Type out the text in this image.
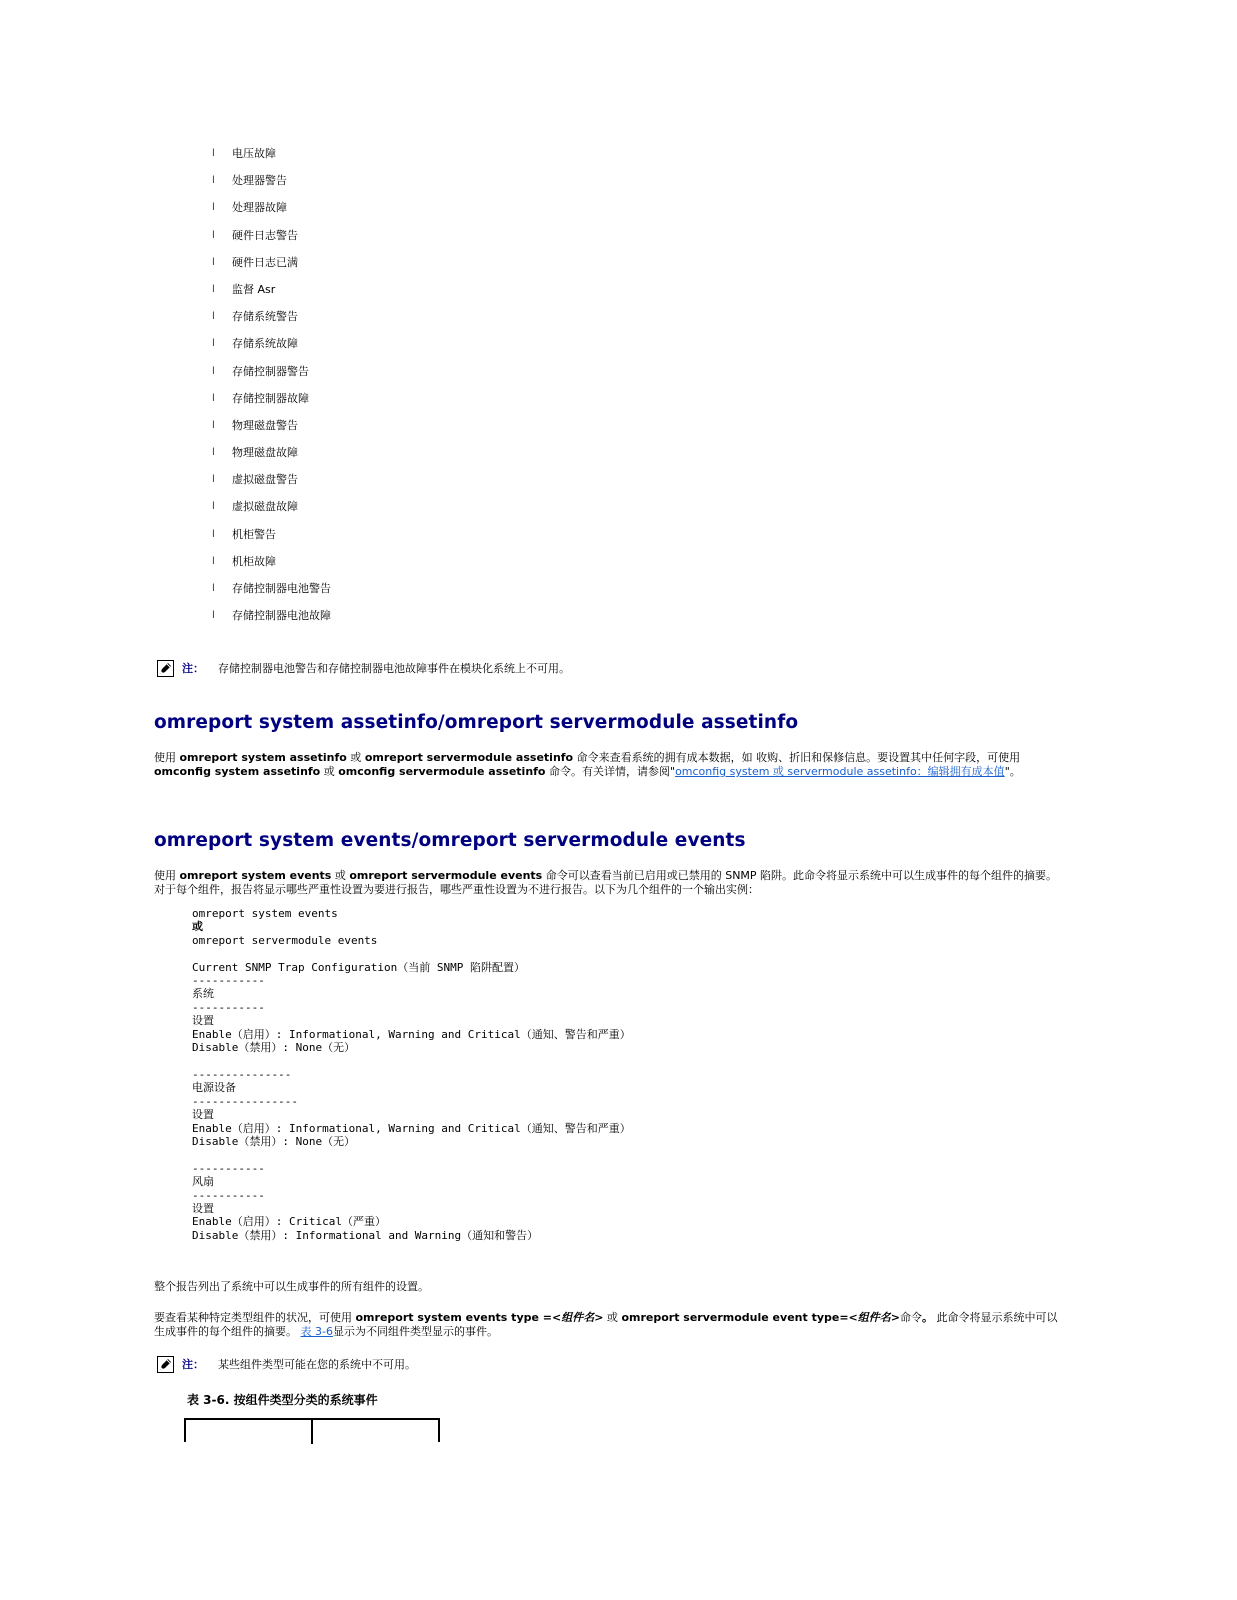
l 电压故障
l 处理器警告
l 处理器故障
l 硬件日志警告
l 硬件日志已满
l 监督 Asr
l 存储系统警告
l 存储系统故障
l 存储控制器警告
l 存储控制器故障
l 物理磁盘警告
l 物理磁盘故障
l 虚拟磁盘警告
l 虚拟磁盘故障
l 机柜警告
l 机柜故障
l 存储控制器电池警告
l 存储控制器电池故障
注： 存储控制器电池警告和存储控制器电池故障事件在模块化系统上不可用。
omreport system assetinfo/omreport servermodule assetinfo

使用 omreport system assetinfo 或 omreport servermodule assetinfo 命令来查看系统的拥有成本数据，如 收购、折旧和保修信息。要设置其中任何字段，可使用
omconfig system assetinfo 或 omconfig servermodule assetinfo 命令。有关详情，请参阅"omconfig system 或 servermodule assetinfo：编辑拥有成本值"。

omreport system events/omreport servermodule events

使用 omreport system events 或 omreport servermodule events 命令可以查看当前已启用或已禁用的 SNMP 陷阱。此命令将显示系统中可以生成事件的每个组件的摘要。对于每个组件，报告将显示哪些严重性设置为要进行报告，哪些严重性设置为不进行报告。以下为几个组件的一个输出实例：

omreport system events
或
omreport servermodule events

Current SNMP Trap Configuration（当前 SNMP 陷阱配置）
-----------
系统
-----------
设置
Enable（启用）: Informational, Warning and Critical（通知、警告和严重）
Disable（禁用）: None（无）

---------------
电源设备
----------------
设置
Enable（启用）: Informational, Warning and Critical（通知、警告和严重）
Disable（禁用）: None（无）

-----------
风扇
-----------
设置
Enable（启用）: Critical（严重）
Disable（禁用）: Informational and Warning（通知和警告）

整个报告列出了系统中可以生成事件的所有组件的设置。

要查看某种特定类型组件的状况，可使用 omreport system events type =<组件名> 或 omreport servermodule event type=<组件名>命令。 此命令将显示系统中可以生成事件的每个组件的摘要。 表 3-6显示为不同组件类型显示的事件。

注： 某些组件类型可能在您的系统中不可用。
表 3-6. 按组件类型分类的系统事件
